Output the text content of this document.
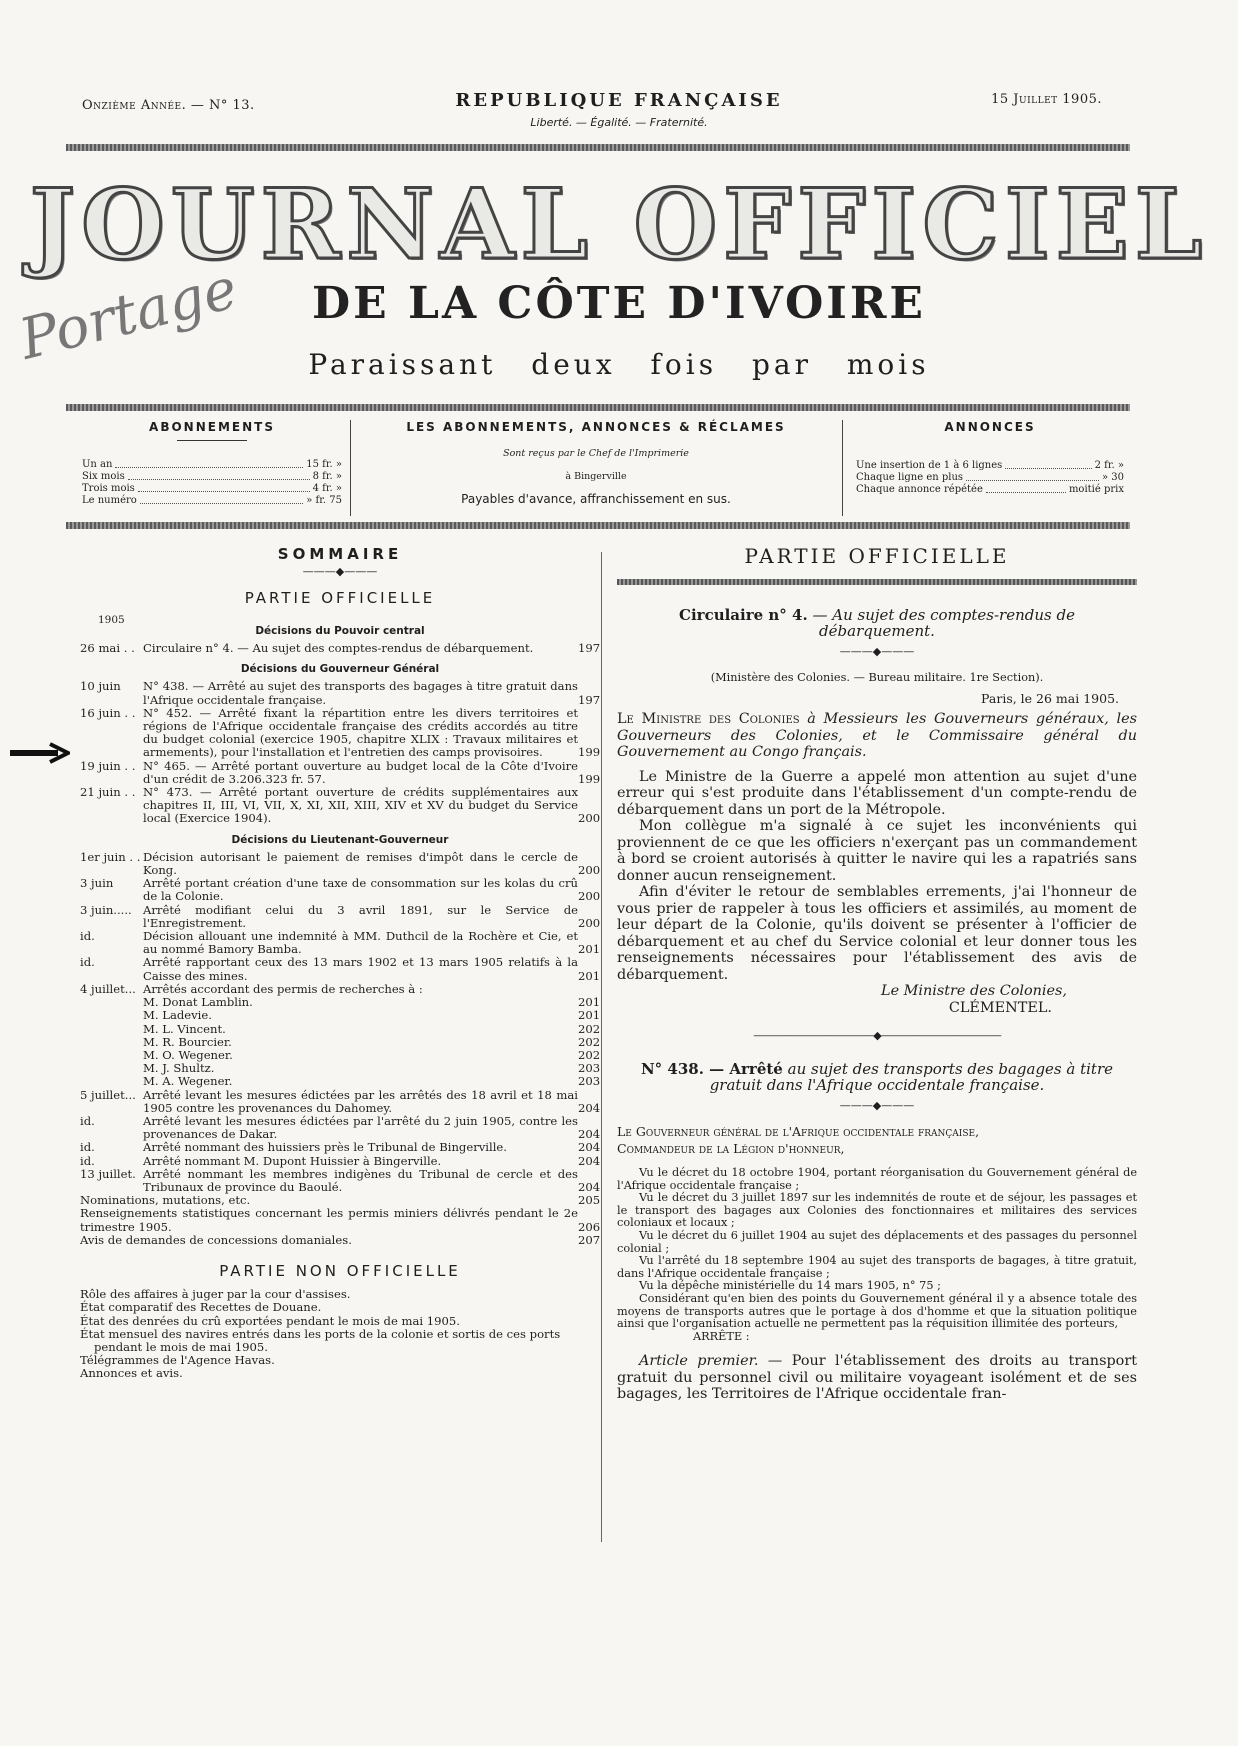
Portage
Onzième Année. — N° 13.	REPUBLIQUE FRANÇAISE
Liberté. — Égalité. — Fraternité.
15 Juillet 1905.
JOURNAL OFFICIEL
DE LA CÔTE D'IVOIRE
Paraissant deux fois par mois
ABONNEMENTS
Un an	15 fr. »
Six mois	8 fr. »
Trois mois	4 fr. »
Le numéro	» fr. 75
LES ABONNEMENTS, ANNONCES & RÉCLAMES
Sont reçus par le Chef de l'Imprimerie
à Bingerville
Payables d'avance, affranchissement en sus.
ANNONCES
Une insertion de 1 à 6 lignes	2 fr. »
Chaque ligne en plus	» 30
Chaque annonce répétée	moitié prix
SOMMAIRE
———◆———
PARTIE OFFICIELLE
1905
Décisions du Pouvoir central
26 mai . . Circulaire n° 4. — Au sujet des comptes-rendus de débarquement.	197
Décisions du Gouverneur Général
10 juin	N° 438. — Arrêté au sujet des transports des bagages à titre gratuit dans l'Afrique occidentale française.	197
16 juin . . N° 452. — Arrêté fixant la répartition entre les divers territoires et régions de l'Afrique occidentale française des crédits accordés au titre du budget colonial (exercice 1905, chapitre XLIX : Travaux militaires et armements), pour l'installation et l'entretien des camps provisoires.	199
19 juin . . N° 465. — Arrêté portant ouverture au budget local de la Côte d'Ivoire d'un crédit de 3.206.323 fr. 57.	199
21 juin . . N° 473. — Arrêté portant ouverture de crédits supplémentaires aux chapitres II, III, VI, VII, X, XI, XII, XIII, XIV et XV du budget du Service local (Exercice 1904).	200
Décisions du Lieutenant-Gouverneur
1er juin . . Décision autorisant le paiement de remises d'impôt dans le cercle de Kong.	200
3 juin	Arrêté portant création d'une taxe de consommation sur les kolas du crû de la Colonie.	200
3 juin..... Arrêté modifiant celui du 3 avril 1891, sur le Service de l'Enregistrement.	200
id.	Décision allouant une indemnité à MM. Duthcil de la Rochère et Cie, et au nommé Bamory Bamba.	201
id.	Arrêté rapportant ceux des 13 mars 1902 et 13 mars 1905 relatifs à la Caisse des mines.	201
4 juillet... Arrêtés accordant des permis de recherches à :
M. Donat Lamblin.	201
M. Ladevie.	201
M. L. Vincent.	202
M. R. Bourcier.	202
M. O. Wegener.	202
M. J. Shultz.	203
M. A. Wegener.	203
5 juillet... Arrêté levant les mesures édictées par les arrêtés des 18 avril et 18 mai 1905 contre les provenances du Dahomey.	204
id.	Arrêté levant les mesures édictées par l'arrêté du 2 juin 1905, contre les provenances de Dakar.	204
id.	Arrêté nommant des huissiers près le Tribunal de Bingerville.	204
id.	Arrêté nommant M. Dupont Huissier à Bingerville.	204
13 juillet. Arrêté nommant les membres indigènes du Tribunal de cercle et des Tribunaux de province du Baoulé.	204
Nominations, mutations, etc.	205
Renseignements statistiques concernant les permis miniers délivrés pendant le 2e trimestre 1905.	206
Avis de demandes de concessions domaniales.	207
PARTIE NON OFFICIELLE
Rôle des affaires à juger par la cour d'assises.
État comparatif des Recettes de Douane.
État des denrées du crû exportées pendant le mois de mai 1905.
État mensuel des navires entrés dans les ports de la colonie et sortis de ces ports pendant le mois de mai 1905.
Télégrammes de l'Agence Havas.
Annonces et avis.
PARTIE OFFICIELLE
Circulaire n° 4. — Au sujet des comptes-rendus de débarquement.
———◆———
(Ministère des Colonies. — Bureau militaire. 1re Section).
Paris, le 26 mai 1905.

Le Ministre des Colonies à Messieurs les Gouverneurs généraux, les Gouverneurs des Colonies, et le Commissaire général du Gouvernement au Congo français.

Le Ministre de la Guerre a appelé mon attention au sujet d'une erreur qui s'est produite dans l'établissement d'un compte-rendu de débarquement dans un port de la Métropole.

Mon collègue m'a signalé à ce sujet les inconvénients qui proviennent de ce que les officiers n'exerçant pas un commandement à bord se croient autorisés à quitter le navire qui les a rapatriés sans donner aucun renseignement.

Afin d'éviter le retour de semblables errements, j'ai l'honneur de vous prier de rappeler à tous les officiers et assimilés, au moment de leur départ de la Colonie, qu'ils doivent se présenter à l'officier de débarquement et au chef du Service colonial et leur donner tous les renseignements nécessaires pour l'établissement des avis de débarquement.

Le Ministre des Colonies,
CLÉMENTEL.
————————————◆————————————
N° 438. — Arrêté au sujet des transports des bagages à titre gratuit dans l'Afrique occidentale française.
———◆———
Le Gouverneur général de l'Afrique occidentale française,
Commandeur de la Légion d'honneur,

Vu le décret du 18 octobre 1904, portant réorganisation du Gouvernement général de l'Afrique occidentale française ;

Vu le décret du 3 juillet 1897 sur les indemnités de route et de séjour, les passages et le transport des bagages aux Colonies des fonctionnaires et militaires des services coloniaux et locaux ;

Vu le décret du 6 juillet 1904 au sujet des déplacements et des passages du personnel colonial ;

Vu l'arrêté du 18 septembre 1904 au sujet des transports de bagages, à titre gratuit, dans l'Afrique occidentale française ;

Vu la dépêche ministérielle du 14 mars 1905, n° 75 ;

Considérant qu'en bien des points du Gouvernement général il y a absence totale des moyens de transports autres que le portage à dos d'homme et que la situation politique ainsi que l'organisation actuelle ne permettent pas la réquisition illimitée des porteurs,

ARRÊTE :

Article premier. — Pour l'établissement des droits au transport gratuit du personnel civil ou militaire voyageant isolément et de ses bagages, les Territoires de l'Afrique occidentale fran-
